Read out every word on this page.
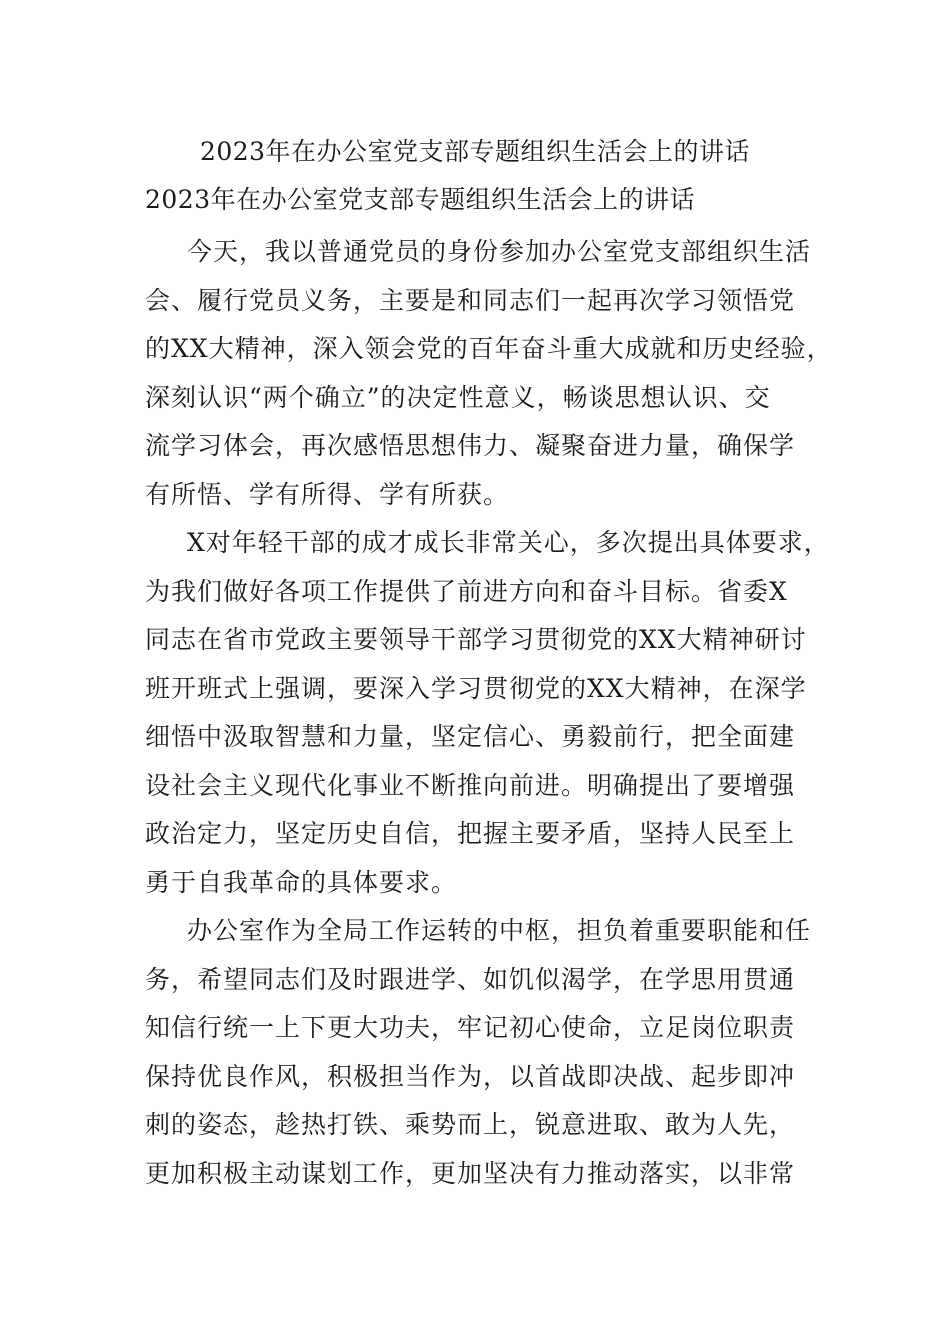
2023年在办公室党支部专题组织生活会上的讲话
2023年在办公室党支部专题组织生活会上的讲话

今天，我以普通党员的身份参加办公室党支部组织生活
会、履行党员义务，主要是和同志们一起再次学习领悟党
的XX大精神，深入领会党的百年奋斗重大成就和历史经验，
深刻认识“两个确立”的决定性意义，畅谈思想认识、交
流学习体会，再次感悟思想伟力、凝聚奋进力量，确保学
有所悟、学有所得、学有所获。

X对年轻干部的成才成长非常关心，多次提出具体要求，
为我们做好各项工作提供了前进方向和奋斗目标。省委X
同志在省市党政主要领导干部学习贯彻党的XX大精神研讨
班开班式上强调，要深入学习贯彻党的XX大精神，在深学
细悟中汲取智慧和力量，坚定信心、勇毅前行，把全面建
设社会主义现代化事业不断推向前进。明确提出了要增强
政治定力，坚定历史自信，把握主要矛盾，坚持人民至上
勇于自我革命的具体要求。

办公室作为全局工作运转的中枢，担负着重要职能和任
务，希望同志们及时跟进学、如饥似渴学，在学思用贯通
知信行统一上下更大功夫，牢记初心使命，立足岗位职责
保持优良作风，积极担当作为，以首战即决战、起步即冲
刺的姿态，趁热打铁、乘势而上，锐意进取、敢为人先，
更加积极主动谋划工作，更加坚决有力推动落实，以非常
